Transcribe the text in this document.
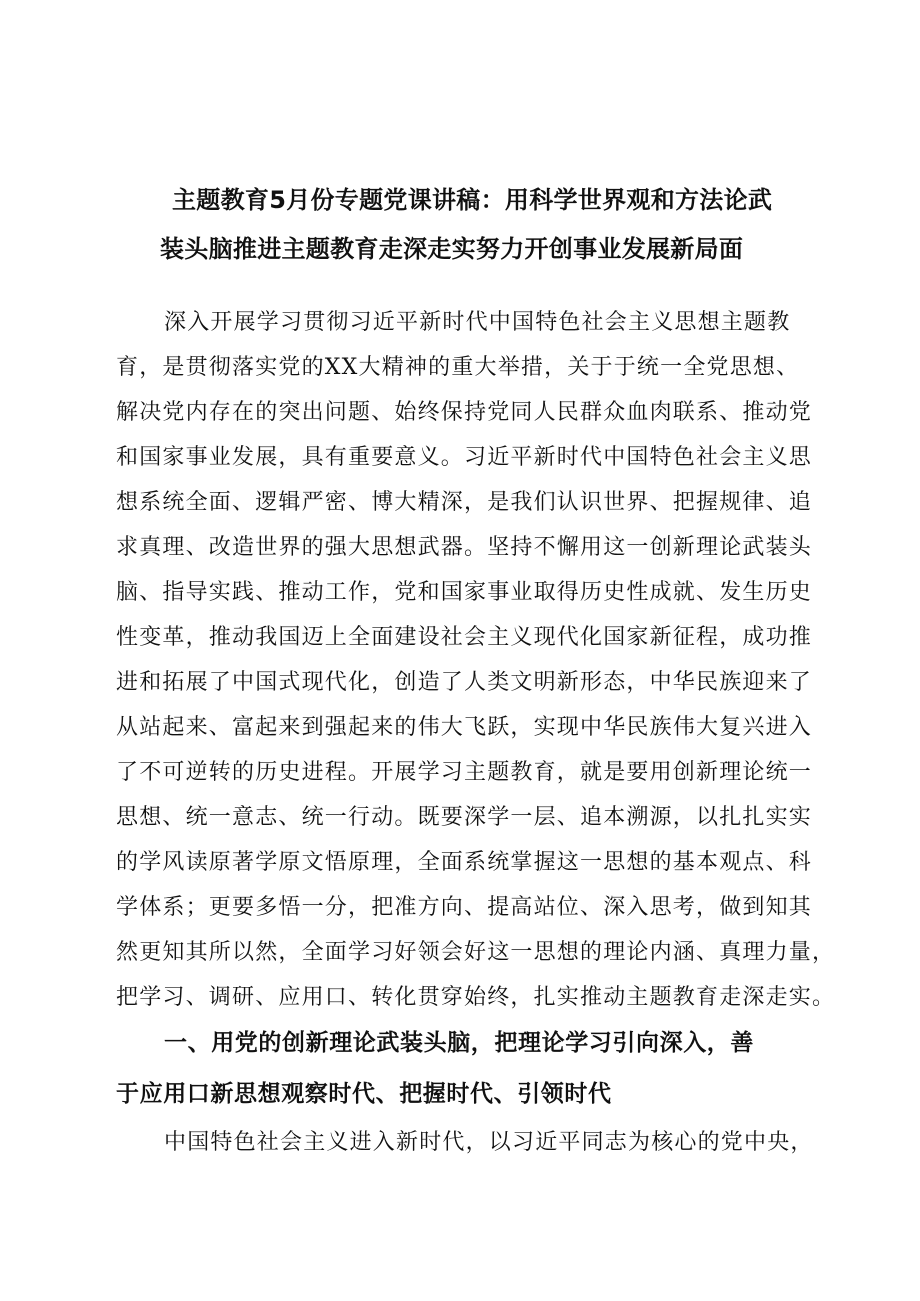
主题教育5月份专题党课讲稿：用科学世界观和方法论武
装头脑推进主题教育走深走实努力开创事业发展新局面
深入开展学习贯彻习近平新时代中国特色社会主义思想主题教
育，是贯彻落实党的XX大精神的重大举措，关于于统一全党思想、
解决党内存在的突出问题、始终保持党同人民群众血肉联系、推动党
和国家事业发展，具有重要意义。习近平新时代中国特色社会主义思
想系统全面、逻辑严密、博大精深，是我们认识世界、把握规律、追
求真理、改造世界的强大思想武器。坚持不懈用这一创新理论武装头
脑、指导实践、推动工作，党和国家事业取得历史性成就、发生历史
性变革，推动我国迈上全面建设社会主义现代化国家新征程，成功推
进和拓展了中国式现代化，创造了人类文明新形态，中华民族迎来了
从站起来、富起来到强起来的伟大飞跃，实现中华民族伟大复兴进入
了不可逆转的历史进程。开展学习主题教育，就是要用创新理论统一
思想、统一意志、统一行动。既要深学一层、追本溯源，以扎扎实实
的学风读原著学原文悟原理，全面系统掌握这一思想的基本观点、科
学体系；更要多悟一分，把准方向、提高站位、深入思考，做到知其
然更知其所以然，全面学习好领会好这一思想的理论内涵、真理力量，
把学习、调研、应用口、转化贯穿始终，扎实推动主题教育走深走实。
一、用党的创新理论武装头脑，把理论学习引向深入，善
于应用口新思想观察时代、把握时代、引领时代
中国特色社会主义进入新时代，以习近平同志为核心的党中央，
